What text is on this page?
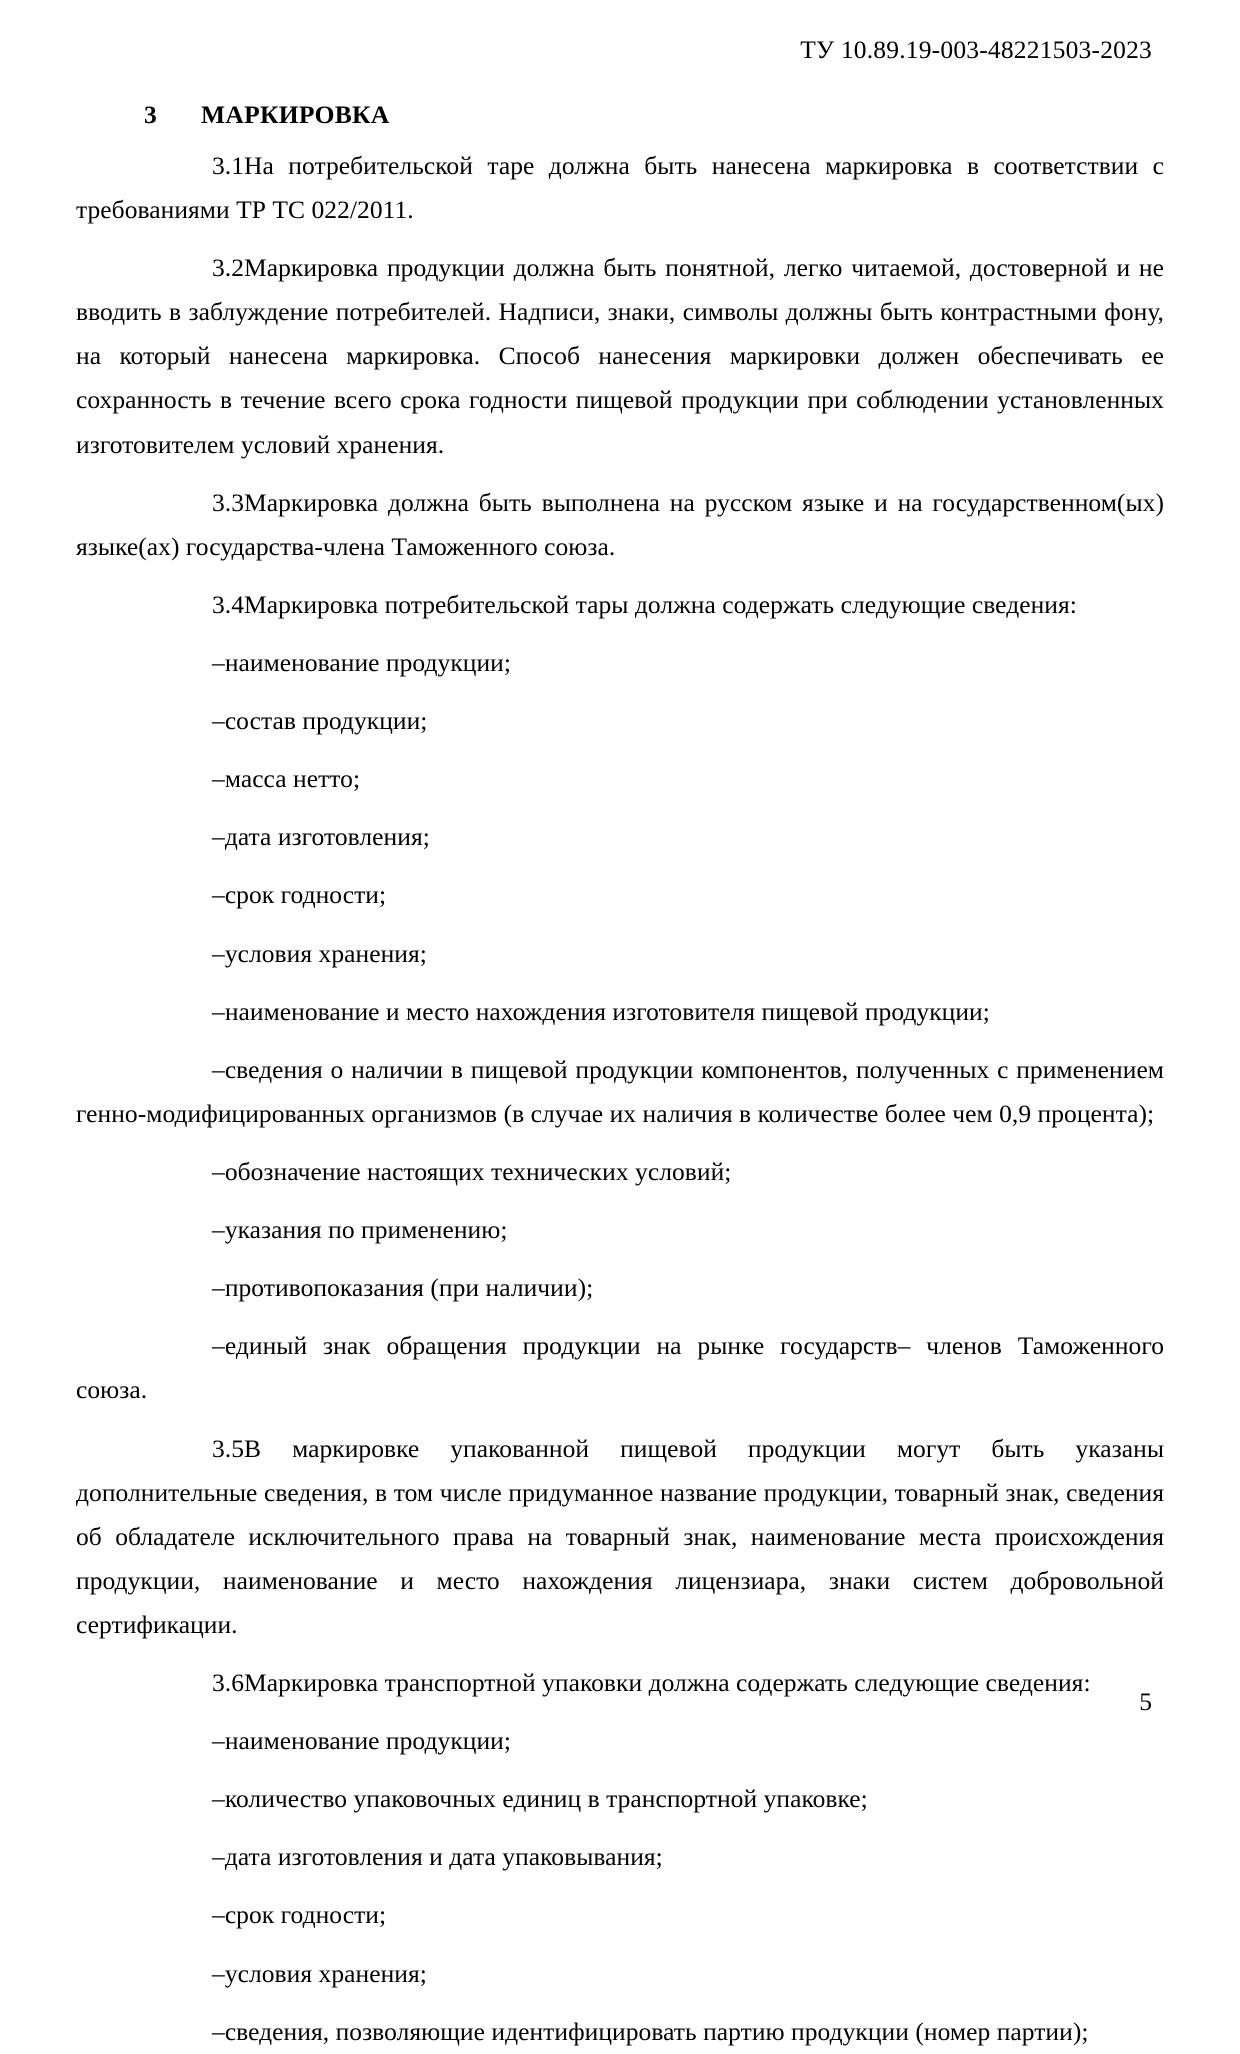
ТУ 10.89.19-003-48221503-2023
3 МАРКИРОВКА

3.1На потребительской таре должна быть нанесена маркировка в соответствии с требованиями ТР ТС 022/2011.

3.2Маркировка продукции должна быть понятной, легко читаемой, достоверной и не вводить в заблуждение потребителей. Надписи, знаки, символы должны быть контрастными фону, на который нанесена маркировка. Способ нанесения маркировки должен обеспечивать ее сохранность в течение всего срока годности пищевой продукции при соблюдении установленных изготовителем условий хранения.

3.3Маркировка должна быть выполнена на русском языке и на государственном(ых) языке(ах) государства-члена Таможенного союза.

3.4Маркировка потребительской тары должна содержать следующие сведения:

–наименование продукции;

–состав продукции;

–масса нетто;

–дата изготовления;

–срок годности;

–условия хранения;

–наименование и место нахождения изготовителя пищевой продукции;

–сведения о наличии в пищевой продукции компонентов, полученных с применением генно-модифицированных организмов (в случае их наличия в количестве более чем 0,9 процента);

–обозначение настоящих технических условий;

–указания по применению;

–противопоказания (при наличии);

–единый знак обращения продукции на рынке государств– членов Таможенного союза.

3.5В маркировке упакованной пищевой продукции могут быть указаны дополнительные сведения, в том числе придуманное название продукции, товарный знак, сведения об обладателе исключительного права на товарный знак, наименование места происхождения продукции, наименование и место нахождения лицензиара, знаки систем добровольной сертификации.

3.6Маркировка транспортной упаковки должна содержать следующие сведения:

–наименование продукции;

–количество упаковочных единиц в транспортной упаковке;

–дата изготовления и дата упаковывания;

–срок годности;

–условия хранения;

–сведения, позволяющие идентифицировать партию продукции (номер партии);

5
